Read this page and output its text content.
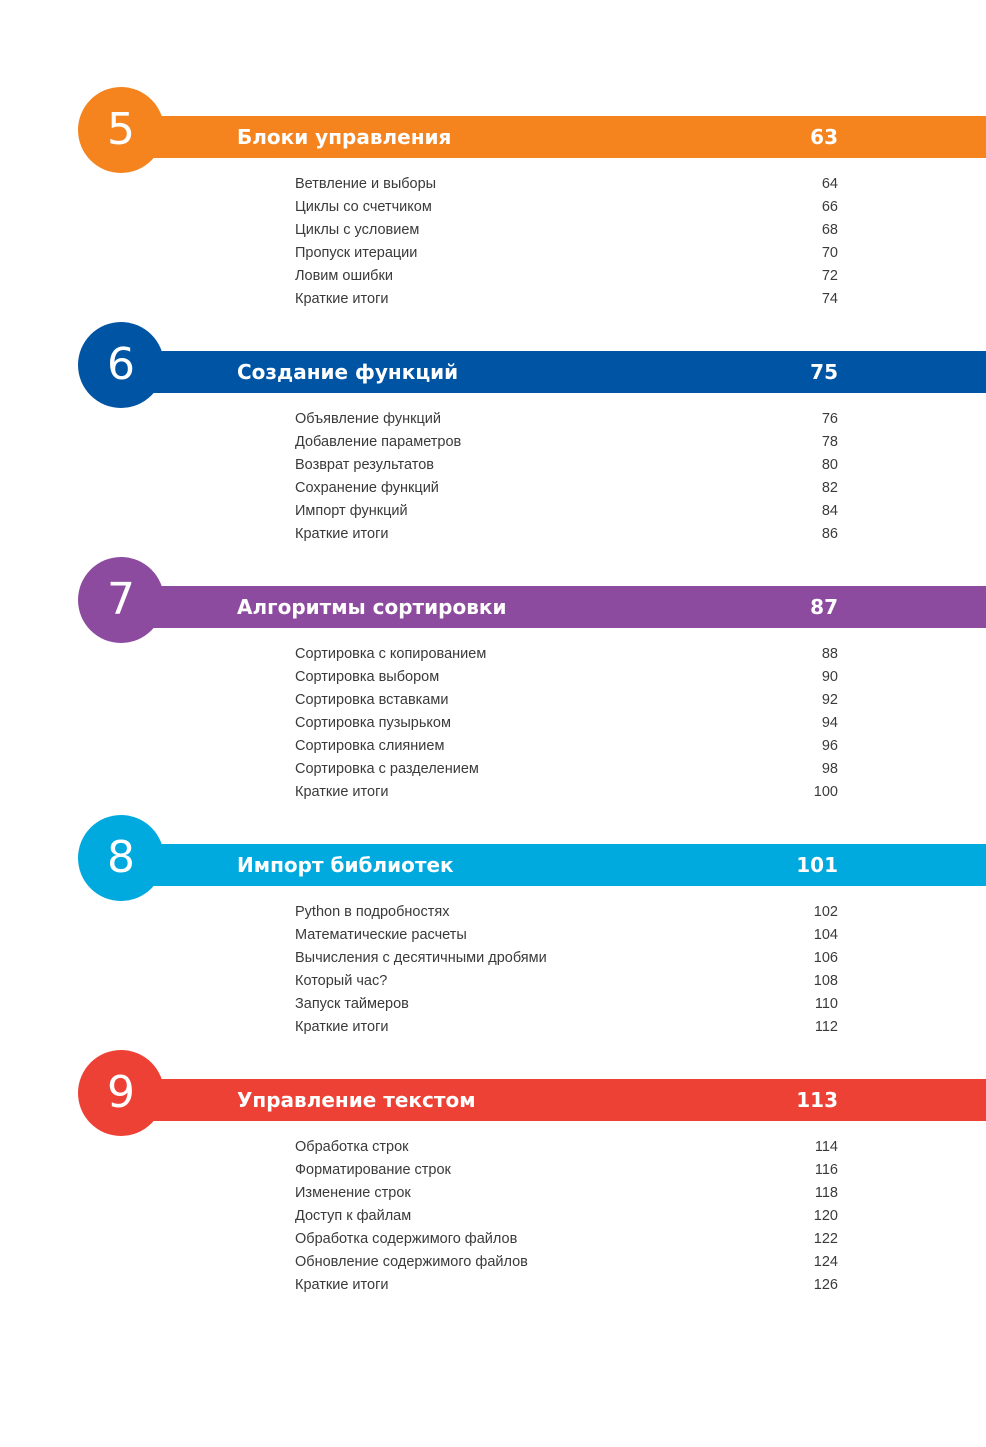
5	Блоки управления	63
Ветвление и выборы	64
Циклы со счетчиком	66
Циклы с условием	68
Пропуск итерации	70
Ловим ошибки	72
Краткие итоги	74
6	Создание функций	75
Объявление функций	76
Добавление параметров	78
Возврат результатов	80
Сохранение функций	82
Импорт функций	84
Краткие итоги	86
7	Алгоритмы сортировки	87
Сортировка с копированием	88
Сортировка выбором	90
Сортировка вставками	92
Сортировка пузырьком	94
Сортировка слиянием	96
Сортировка с разделением	98
Краткие итоги	100
8	Импорт библиотек	101
Python в подробностях	102
Математические расчеты	104
Вычисления с десятичными дробями	106
Который час?	108
Запуск таймеров	110
Краткие итоги	112
9	Управление текстом	113
Обработка строк	114
Форматирование строк	116
Изменение строк	118
Доступ к файлам	120
Обработка содержимого файлов	122
Обновление содержимого файлов	124
Краткие итоги	126
